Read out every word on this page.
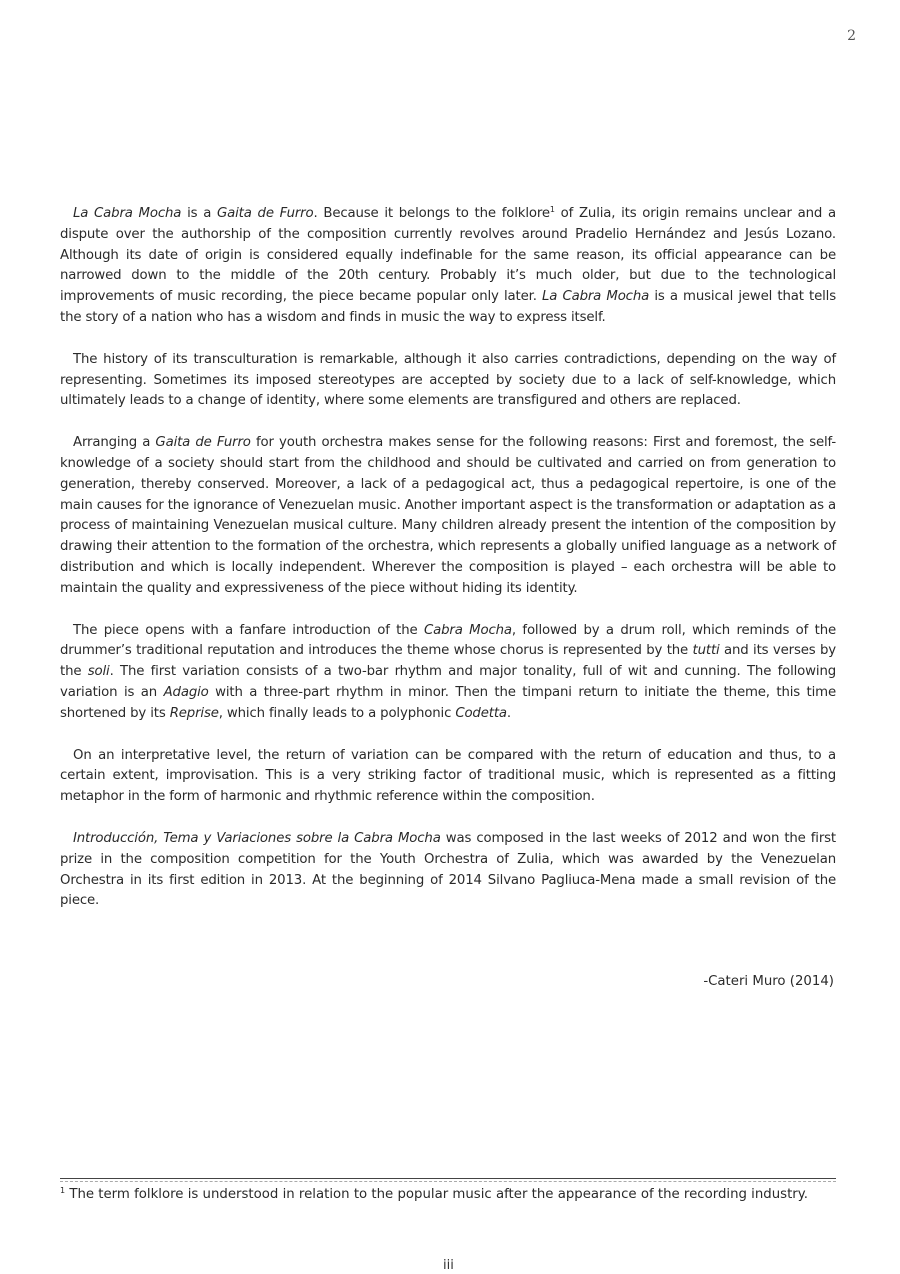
2

La Cabra Mocha is a Gaita de Furro. Because it belongs to the folklore$^1$ of Zulia, its origin remains unclear and a dispute over the authorship of the composition currently revolves around Pradelio Hernández and Jesús Lozano. Although its date of origin is considered equally indefinable for the same reason, its official appearance can be narrowed down to the middle of the 20th century. Probably it’s much older, but due to the technological improvements of music recording, the piece became popular only later. La Cabra Mocha is a musical jewel that tells the story of a nation who has a wisdom and finds in music the way to express itself.

The history of its transculturation is remarkable, although it also carries contradictions, depending on the way of representing. Sometimes its imposed stereotypes are accepted by society due to a lack of self-knowledge, which ultimately leads to a change of identity, where some elements are transfigured and others are replaced.

Arranging a Gaita de Furro for youth orchestra makes sense for the following reasons: First and foremost, the self-knowledge of a society should start from the childhood and should be cultivated and carried on from generation to generation, thereby conserved. Moreover, a lack of a pedagogical act, thus a pedagogical repertoire, is one of the main causes for the ignorance of Venezuelan music. Another important aspect is the transformation or adaptation as a process of maintaining Venezuelan musical culture. Many children already present the intention of the composition by drawing their attention to the formation of the orchestra, which represents a globally unified language as a network of distribution and which is locally independent. Wherever the composition is played – each orchestra will be able to maintain the quality and expressiveness of the piece without hiding its identity.

The piece opens with a fanfare introduction of the Cabra Mocha, followed by a drum roll, which reminds of the drummer’s traditional reputation and introduces the theme whose chorus is represented by the tutti and its verses by the soli. The first variation consists of a two-bar rhythm and major tonality, full of wit and cunning. The following variation is an Adagio with a three-part rhythm in minor. Then the timpani return to initiate the theme, this time shortened by its Reprise, which finally leads to a polyphonic Codetta.

On an interpretative level, the return of variation can be compared with the return of education and thus, to a certain extent, improvisation. This is a very striking factor of traditional music, which is represented as a fitting metaphor in the form of harmonic and rhythmic reference within the composition.

Introducción, Tema y Variaciones sobre la Cabra Mocha was composed in the last weeks of 2012 and won the first prize in the composition competition for the Youth Orchestra of Zulia, which was awarded by the Venezuelan Orchestra in its first edition in 2013. At the beginning of 2014 Silvano Pagliuca-Mena made a small revision of the piece.

-Cateri Muro (2014)
$^1$ The term folklore is understood in relation to the popular music after the appearance of the recording industry.
iii
